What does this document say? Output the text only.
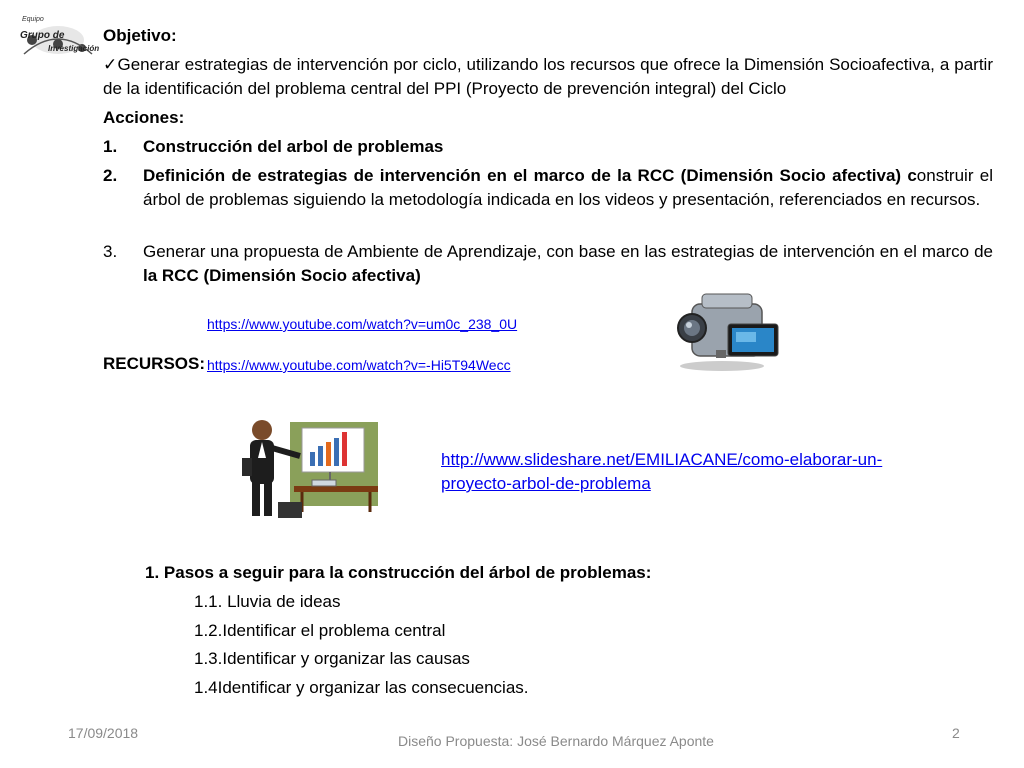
Equipo
Grupo de
Investigación
Objetivo:
✓Generar estrategias de intervención por ciclo, utilizando los recursos que ofrece la Dimensión Socioafectiva, a partir de la identificación del problema central del PPI (Proyecto de prevención integral) del Ciclo
Acciones:
1.	Construcción del arbol de problemas
2.	Definición de estrategias de intervención en el marco de la RCC (Dimensión Socio afectiva) construir el árbol de problemas siguiendo la metodología indicada en los videos y presentación, referenciados en recursos.
3.	Generar una propuesta de Ambiente de Aprendizaje, con base en las estrategias de intervención en el marco de la RCC (Dimensión Socio afectiva)
https://www.youtube.com/watch?v=um0c_238_0U
RECURSOS: https://www.youtube.com/watch?v=-Hi5T94Wecc
http://www.slideshare.net/EMILIACANE/como-elaborar-un-
proyecto-arbol-de-problema
1. Pasos a seguir para la construcción del árbol de problemas:
1.1. Lluvia de ideas
1.2.Identificar el problema central
1.3.Identificar y organizar las causas
1.4Identificar y organizar las consecuencias.
17/09/2018	Diseño Propuesta: José Bernardo Márquez Aponte	2
